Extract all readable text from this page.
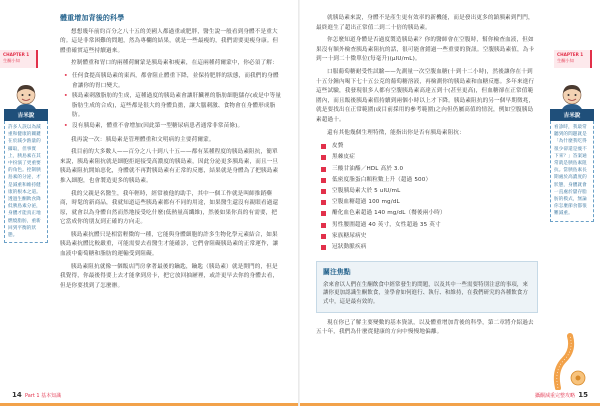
CHAPTER 1
生酮小知
吉米說
許多人誤以為減重和健康的關鍵在於減少熱量的攝取，但事實上，胰島素在其中扮演了更重要的角色。控制胰島素的分泌，才是減重和維持健康的根本之道。透過生酮飲食降低胰島素分泌，身體才能真正地燃燒脂肪，重新回到平衡的狀態。
體重增加背後的科學

想想幾年前約百分之八十五的美國人都過重或肥胖，醫生說一般看到身體不是重大的。這是非常困難的問題，然為專欄的結果，就是一些最瘦的，我們需要更瘦身康。但體重確實這些持續過來。

控制體重和胃口的兩種荷爾蒙是胰島素和瘦素，在這兩種荷爾蒙中，你必須了解：

• 任何食提高胰島素的東西，都會阻止體重下降，並保持肥胖的狀態，而我們的身體會讓你的胃口變大。
• 胰島素刺激脂肪的生成，這種過度的胰島素會讓肝臟裡的脂肪細胞儲存(或是中等量脂肪生成的合成)，這些都是很大的身體負擔，讓大腦刺激、食物會在身體形成脂肪。
• 沒有胰島素，體重不會增加(因此第一型糖尿病患者通常非常苗條)。

我再說一次：胰島素是管理體重和文明病的主要荷爾蒙。

我目前的大多數人——百分之八十到八十五——都有某種程度的胰島素阻抗，簡單來說，胰島素阻抗就是細胞拒絕接受高濃度的胰島素，因此分泌更多胰島素，而且一旦胰島素阻抗開始惡化，身體就不再對胰島素有正常的反應，結果就是身體為了把胰島素推入細胞，也會製造更多的胰島素。

我的父親是名醫生，我年輕時，經常被他的助手，其中一個工作就是叫師推銷藥商，時髦的新商品，我就知道這些胰島素都有不同的用途，如果醫生還沒有親眼看過還原，就會以為身體自然而然地接受吃什麼(低熱量高纖維)，然後如果你真的有需要，把它當成你的朋友到正確的方向走。

胰島素抗體只是相當輕微的一種，它能與身體細胞的許多生物化學元素結合，如果胰島素抗體比較嚴重，可能需要去看醫生才能確診，它們會阻礙胰島素的正常運作，讓血液中葡萄糖和脂肪的運輸受到阻礙。

胰島素阻抗就像一個飯店門房拿著最後的鑰匙，鑰匙（胰島素）就是開門的，但是我覺得，你最後得要上去才能拿到房卡，把它放回抽屜裡，或許更早去你的身體去看，但是你要找到了怎麼辦。

14 Part 1 基本知識

就胰島素來說，身體不是產生更有效率的新機能，而是發出更多的鎮胰素到門門，最終進生了超出正常值二到二十倍的胰島素。

你怎麼知道身體是否過度製造胰島素？你的醫師會在空腹時，幫你檢查血液，但如果沒有額外檢查胰島素阻抗的話，很可能會錯過一些重要的資訊。空腹胰島素值，為卡到一十到二十微單位(每毫升)(μIU/mL)。

口服葡萄糖耐受性試驗——先測量一次空腹血糖(十到十二小時)，然後讓你在十到十五分鐘內喝下七十五公克的葡萄糖溶液，再檢測你的胰島素和血糖反應。多年來進行這些試驗，我發現很多人都有空腹胰島素高達五到十(甚至更高)，但血糖卻在正常值範圍內，而且飯後胰島素值持續到兩個小時以上才下降。胰島素阻抗的另一個早期徵兆，就是要找出在正常範圍(或目前採用的參考範圍)之內但仍屬高值的情況，例如空腹胰島素超過十。

還有其他幾個生理特徵，能指出你是否有胰島素阻抗：

皮贅
黑棘皮症
三酸甘油酯／HDL 高於 3.0
低密度脂蛋白顆粒數上升（超過 500）
空腹胰島素大於 5 uIU/mL
空腹血糖超過 100 mg/dL
醣化血色素超過 140 mg/dL（餐後兩小時）
男性腰圍超過 40 英寸，女性超過 35 英寸
家族糖尿病史
冠狀動脈疾病
關注焦點
余來會以人們在生酮飲食中經常發生的問題，以及其中一些需要特別注意的事項，來讓你更加認識生酮飲食，並學會如何進行、執行、和維持，在我們研究的各種飲食方式中，這是最有效的。

現在你已了解主要變數的基本資訊，以及體重增加背後的科學，第二章將介紹過去五十年，我們為什麼從健康的方向中慢慢地偏離。

CHAPTER 1
生酮小知
吉米說
看診時，我最常聽到的問題就是「為什麼我吃得很少卻還是瘦不下來？」答案通常就是胰島素阻抗。當胰島素長期處於高濃度的狀態，身體就會一直處於儲存脂肪的模式，無論你怎麼節食都很難減重。
攝酮減重完整攻略 15
